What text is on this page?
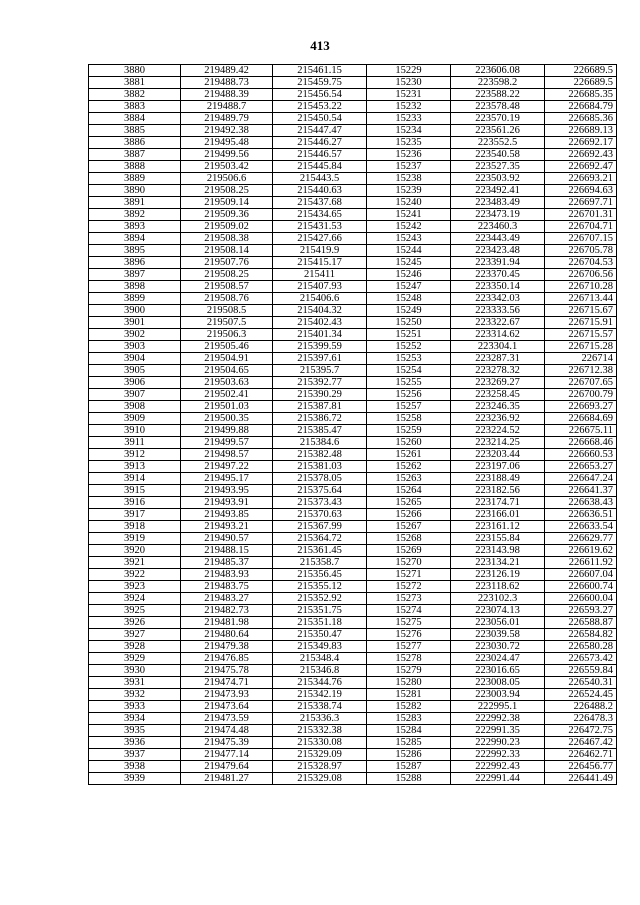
413
3880	219489.42	215461.15	15229	223606.08	226689.5
3881	219488.73	215459.75	15230	223598.2	226689.5
3882	219488.39	215456.54	15231	223588.22	226685.35
3883	219488.7	215453.22	15232	223578.48	226684.79
3884	219489.79	215450.54	15233	223570.19	226685.36
3885	219492.38	215447.47	15234	223561.26	226689.13
3886	219495.48	215446.27	15235	223552.5	226692.17
3887	219499.56	215446.57	15236	223540.58	226692.43
3888	219503.42	215445.84	15237	223527.35	226692.47
3889	219506.6	215443.5	15238	223503.92	226693.21
3890	219508.25	215440.63	15239	223492.41	226694.63
3891	219509.14	215437.68	15240	223483.49	226697.71
3892	219509.36	215434.65	15241	223473.19	226701.31
3893	219509.02	215431.53	15242	223460.3	226704.71
3894	219508.38	215427.66	15243	223443.49	226707.15
3895	219508.14	215419.9	15244	223423.48	226705.78
3896	219507.76	215415.17	15245	223391.94	226704.53
3897	219508.25	215411	15246	223370.45	226706.56
3898	219508.57	215407.93	15247	223350.14	226710.28
3899	219508.76	215406.6	15248	223342.03	226713.44
3900	219508.5	215404.32	15249	223333.56	226715.67
3901	219507.5	215402.43	15250	223322.67	226715.91
3902	219506.3	215401.34	15251	223314.62	226715.57
3903	219505.46	215399.59	15252	223304.1	226715.28
3904	219504.91	215397.61	15253	223287.31	226714
3905	219504.65	215395.7	15254	223278.32	226712.38
3906	219503.63	215392.77	15255	223269.27	226707.65
3907	219502.41	215390.29	15256	223258.45	226700.79
3908	219501.03	215387.81	15257	223246.35	226693.27
3909	219500.35	215386.72	15258	223236.92	226684.69
3910	219499.88	215385.47	15259	223224.52	226675.11
3911	219499.57	215384.6	15260	223214.25	226668.46
3912	219498.57	215382.48	15261	223203.44	226660.53
3913	219497.22	215381.03	15262	223197.06	226653.27
3914	219495.17	215378.05	15263	223188.49	226647.24
3915	219493.95	215375.64	15264	223182.56	226641.37
3916	219493.91	215373.43	15265	223174.71	226638.43
3917	219493.85	215370.63	15266	223166.01	226636.51
3918	219493.21	215367.99	15267	223161.12	226633.54
3919	219490.57	215364.72	15268	223155.84	226629.77
3920	219488.15	215361.45	15269	223143.98	226619.62
3921	219485.37	215358.7	15270	223134.21	226611.92
3922	219483.93	215356.45	15271	223126.19	226607.04
3923	219483.75	215355.12	15272	223118.62	226600.74
3924	219483.27	215352.92	15273	223102.3	226600.04
3925	219482.73	215351.75	15274	223074.13	226593.27
3926	219481.98	215351.18	15275	223056.01	226588.87
3927	219480.64	215350.47	15276	223039.58	226584.82
3928	219479.38	215349.83	15277	223030.72	226580.28
3929	219476.85	215348.4	15278	223024.47	226573.42
3930	219475.78	215346.8	15279	223016.65	226559.84
3931	219474.71	215344.76	15280	223008.05	226540.31
3932	219473.93	215342.19	15281	223003.94	226524.45
3933	219473.64	215338.74	15282	222995.1	226488.2
3934	219473.59	215336.3	15283	222992.38	226478.3
3935	219474.48	215332.38	15284	222991.35	226472.75
3936	219475.39	215330.08	15285	222990.23	226467.42
3937	219477.14	215329.09	15286	222992.33	226462.71
3938	219479.64	215328.97	15287	222992.43	226456.77
3939	219481.27	215329.08	15288	222991.44	226441.49
